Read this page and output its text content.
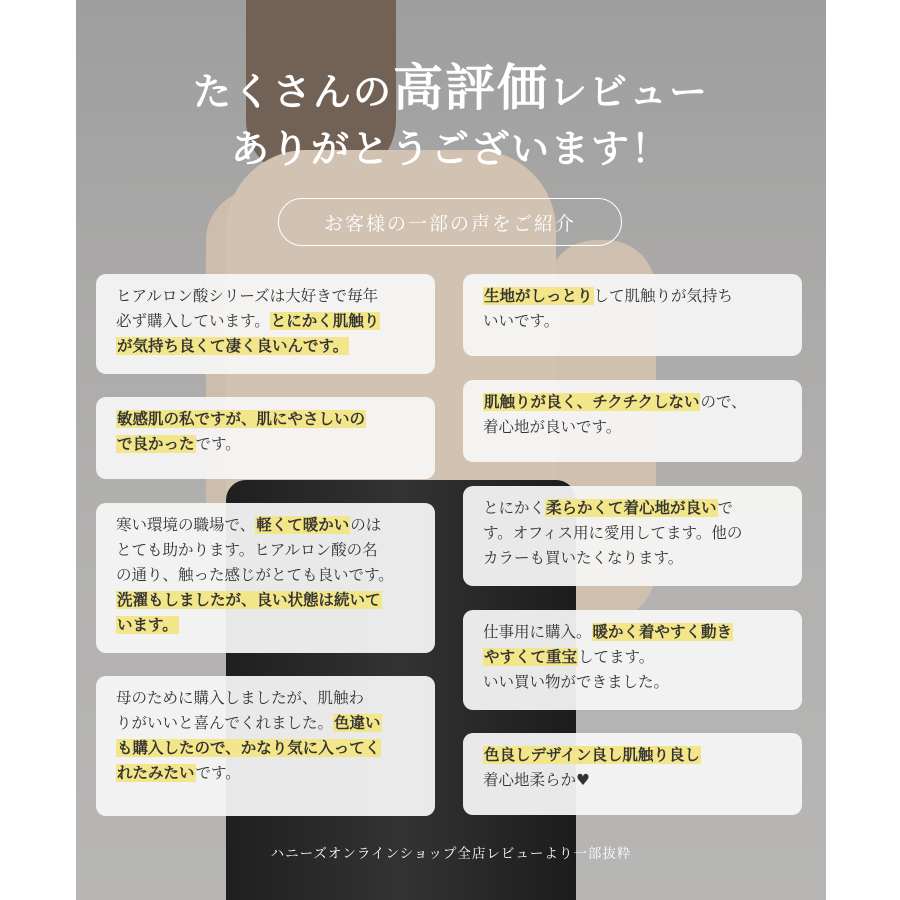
たくさんの高評価レビュー
ありがとうございます！
お客様の一部の声をご紹介

ヒアルロン酸シリーズは大好きで毎年

必ず購入しています。とにかく肌触り

が気持ち良くて凄く良いんです。

敏感肌の私ですが、肌にやさしいの

で良かったです。

寒い環境の職場で、軽くて暖かいのは

とても助かります。ヒアルロン酸の名

の通り、触った感じがとても良いです。

洗濯もしましたが、良い状態は続いて

います。

母のために購入しましたが、肌触わ

りがいいと喜んでくれました。色違い

も購入したので、かなり気に入ってく

れたみたいです。

生地がしっとりして肌触りが気持ち

いいです。

肌触りが良く、チクチクしないので、

着心地が良いです。

とにかく柔らかくて着心地が良いで

す。オフィス用に愛用してます。他の

カラーも買いたくなります。

仕事用に購入。暖かく着やすく動き

やすくて重宝してます。

いい買い物ができました。

色良しデザイン良し肌触り良し

着心地柔らか♥

ハニーズオンラインショップ全店レビューより一部抜粋
